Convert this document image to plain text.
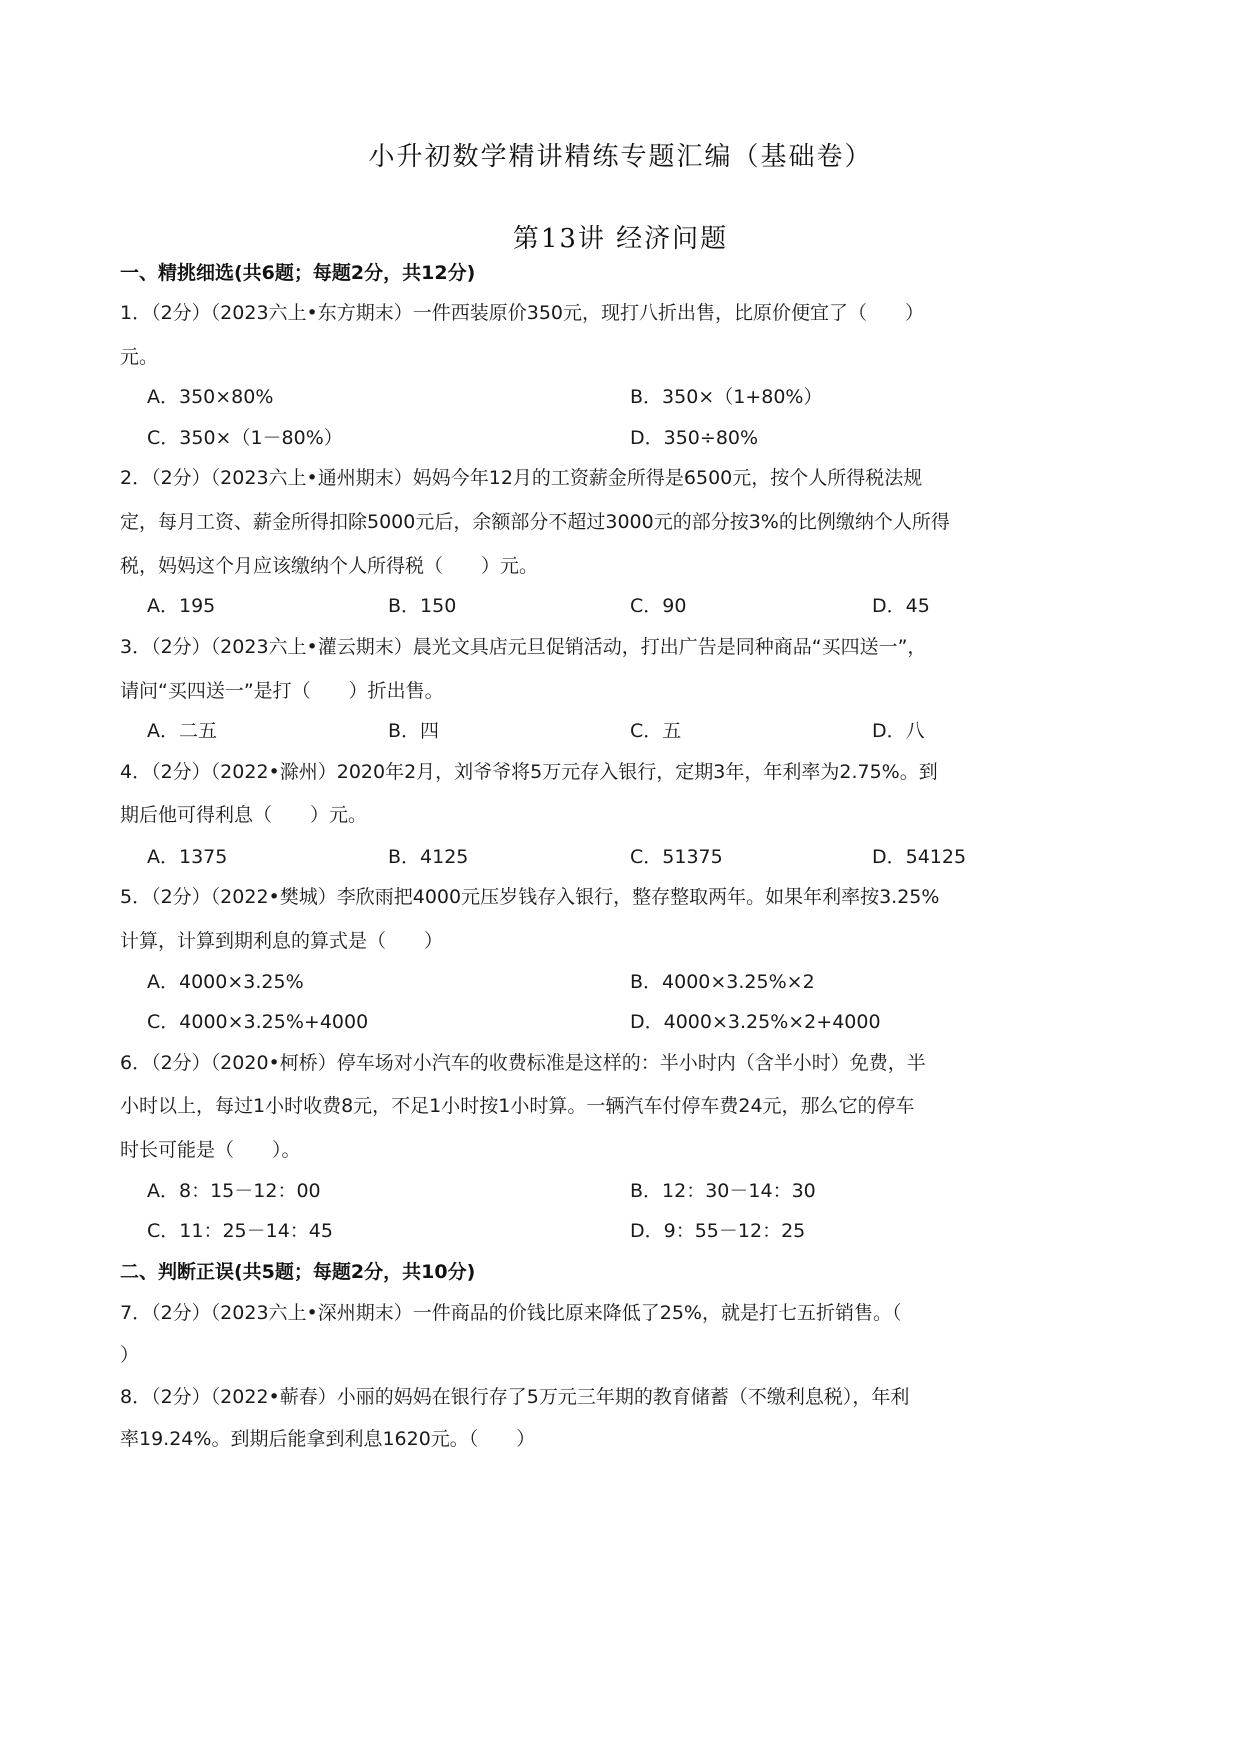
小升初数学精讲精练专题汇编（基础卷）
第13讲 经济问题
一、精挑细选(共6题；每题2分，共12分)
1．（2分）（2023六上•东方期末）一件西装原价350元，现打八折出售，比原价便宜了（　　）
元。
A．350×80%	B．350×（1+80%）
C．350×（1－80%）	D．350÷80%
2．（2分）（2023六上•通州期末）妈妈今年12月的工资薪金所得是6500元，按个人所得税法规
定，每月工资、薪金所得扣除5000元后，余额部分不超过3000元的部分按3%的比例缴纳个人所得
税，妈妈这个月应该缴纳个人所得税（　　）元。
A．195	B．150	C．90	D．45
3．（2分）（2023六上•灌云期末）晨光文具店元旦促销活动，打出广告是同种商品“买四送一”，
请问“买四送一”是打（　　）折出售。
A．二五	B．四	C．五	D．八
4．（2分）（2022•滁州）2020年2月，刘爷爷将5万元存入银行，定期3年，年利率为2.75%。到
期后他可得利息（　　）元。
A．1375	B．4125	C．51375	D．54125
5．（2分）（2022•樊城）李欣雨把4000元压岁钱存入银行，整存整取两年。如果年利率按3.25%
计算，计算到期利息的算式是（　　）
A．4000×3.25%	B．4000×3.25%×2
C．4000×3.25%+4000	D．4000×3.25%×2+4000
6．（2分）（2020•柯桥）停车场对小汽车的收费标准是这样的：半小时内（含半小时）免费，半
小时以上，每过1小时收费8元，不足1小时按1小时算。一辆汽车付停车费24元，那么它的停车
时长可能是（　　）。
A．8：15－12：00	B．12：30－14：30
C．11：25－14：45	D．9：55－12：25
二、判断正误(共5题；每题2分，共10分)
7．（2分）（2023六上•深州期末）一件商品的价钱比原来降低了25%，就是打七五折销售。（
）
8．（2分）（2022•蕲春）小丽的妈妈在银行存了5万元三年期的教育储蓄（不缴利息税），年利
率19.24%。到期后能拿到利息1620元。（　　）
